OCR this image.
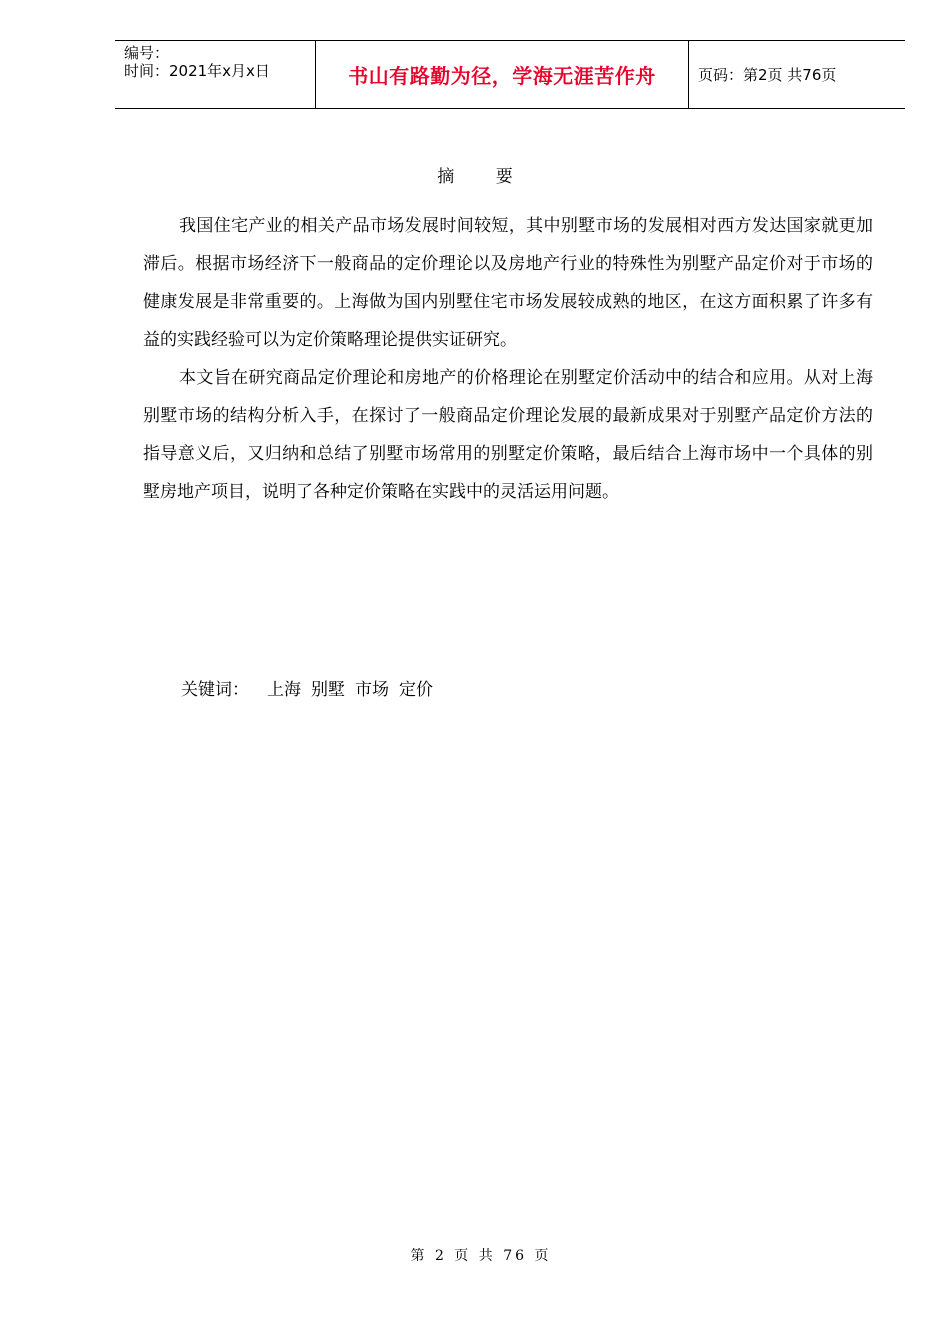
编号：
时间：2021年x月x日	书山有路勤为径，学海无涯苦作舟	页码：第2页 共76页
摘 要

我国住宅产业的相关产品市场发展时间较短，其中别墅市场的发展相对西方发达国家就更加滞后。根据市场经济下一般商品的定价理论以及房地产行业的特殊性为别墅产品定价对于市场的健康发展是非常重要的。上海做为国内别墅住宅市场发展较成熟的地区，在这方面积累了许多有益的实践经验可以为定价策略理论提供实证研究。

本文旨在研究商品定价理论和房地产的价格理论在别墅定价活动中的结合和应用。从对上海别墅市场的结构分析入手，在探讨了一般商品定价理论发展的最新成果对于别墅产品定价方法的指导意义后，又归纳和总结了别墅市场常用的别墅定价策略，最后结合上海市场中一个具体的别墅房地产项目，说明了各种定价策略在实践中的灵活运用问题。

关键词： 上海 别墅 市场 定价
第 2 页 共 76 页
